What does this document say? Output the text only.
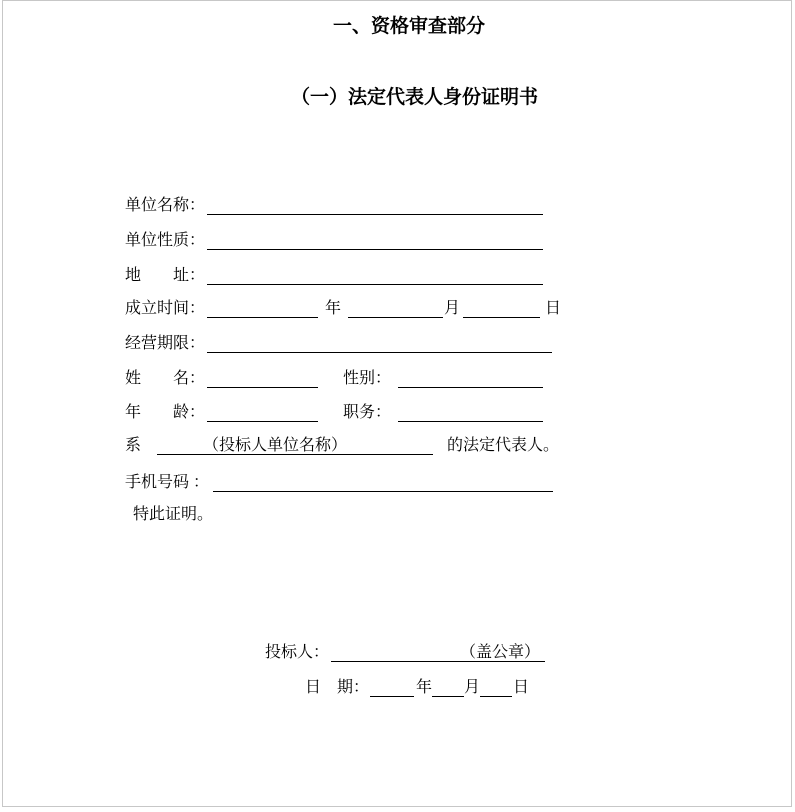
一、资格审查部分
（一）法定代表人身份证明书

单位名称：

单位性质：

地　　址：

成立时间：	年	月	日

经营期限：

姓　　名：	性别：

年　　龄：	职务：

系	（投标人单位名称）	的法定代表人。

手机号码 ：

特此证明。

投标人：	（盖公章）

日　期：	年 月 日
